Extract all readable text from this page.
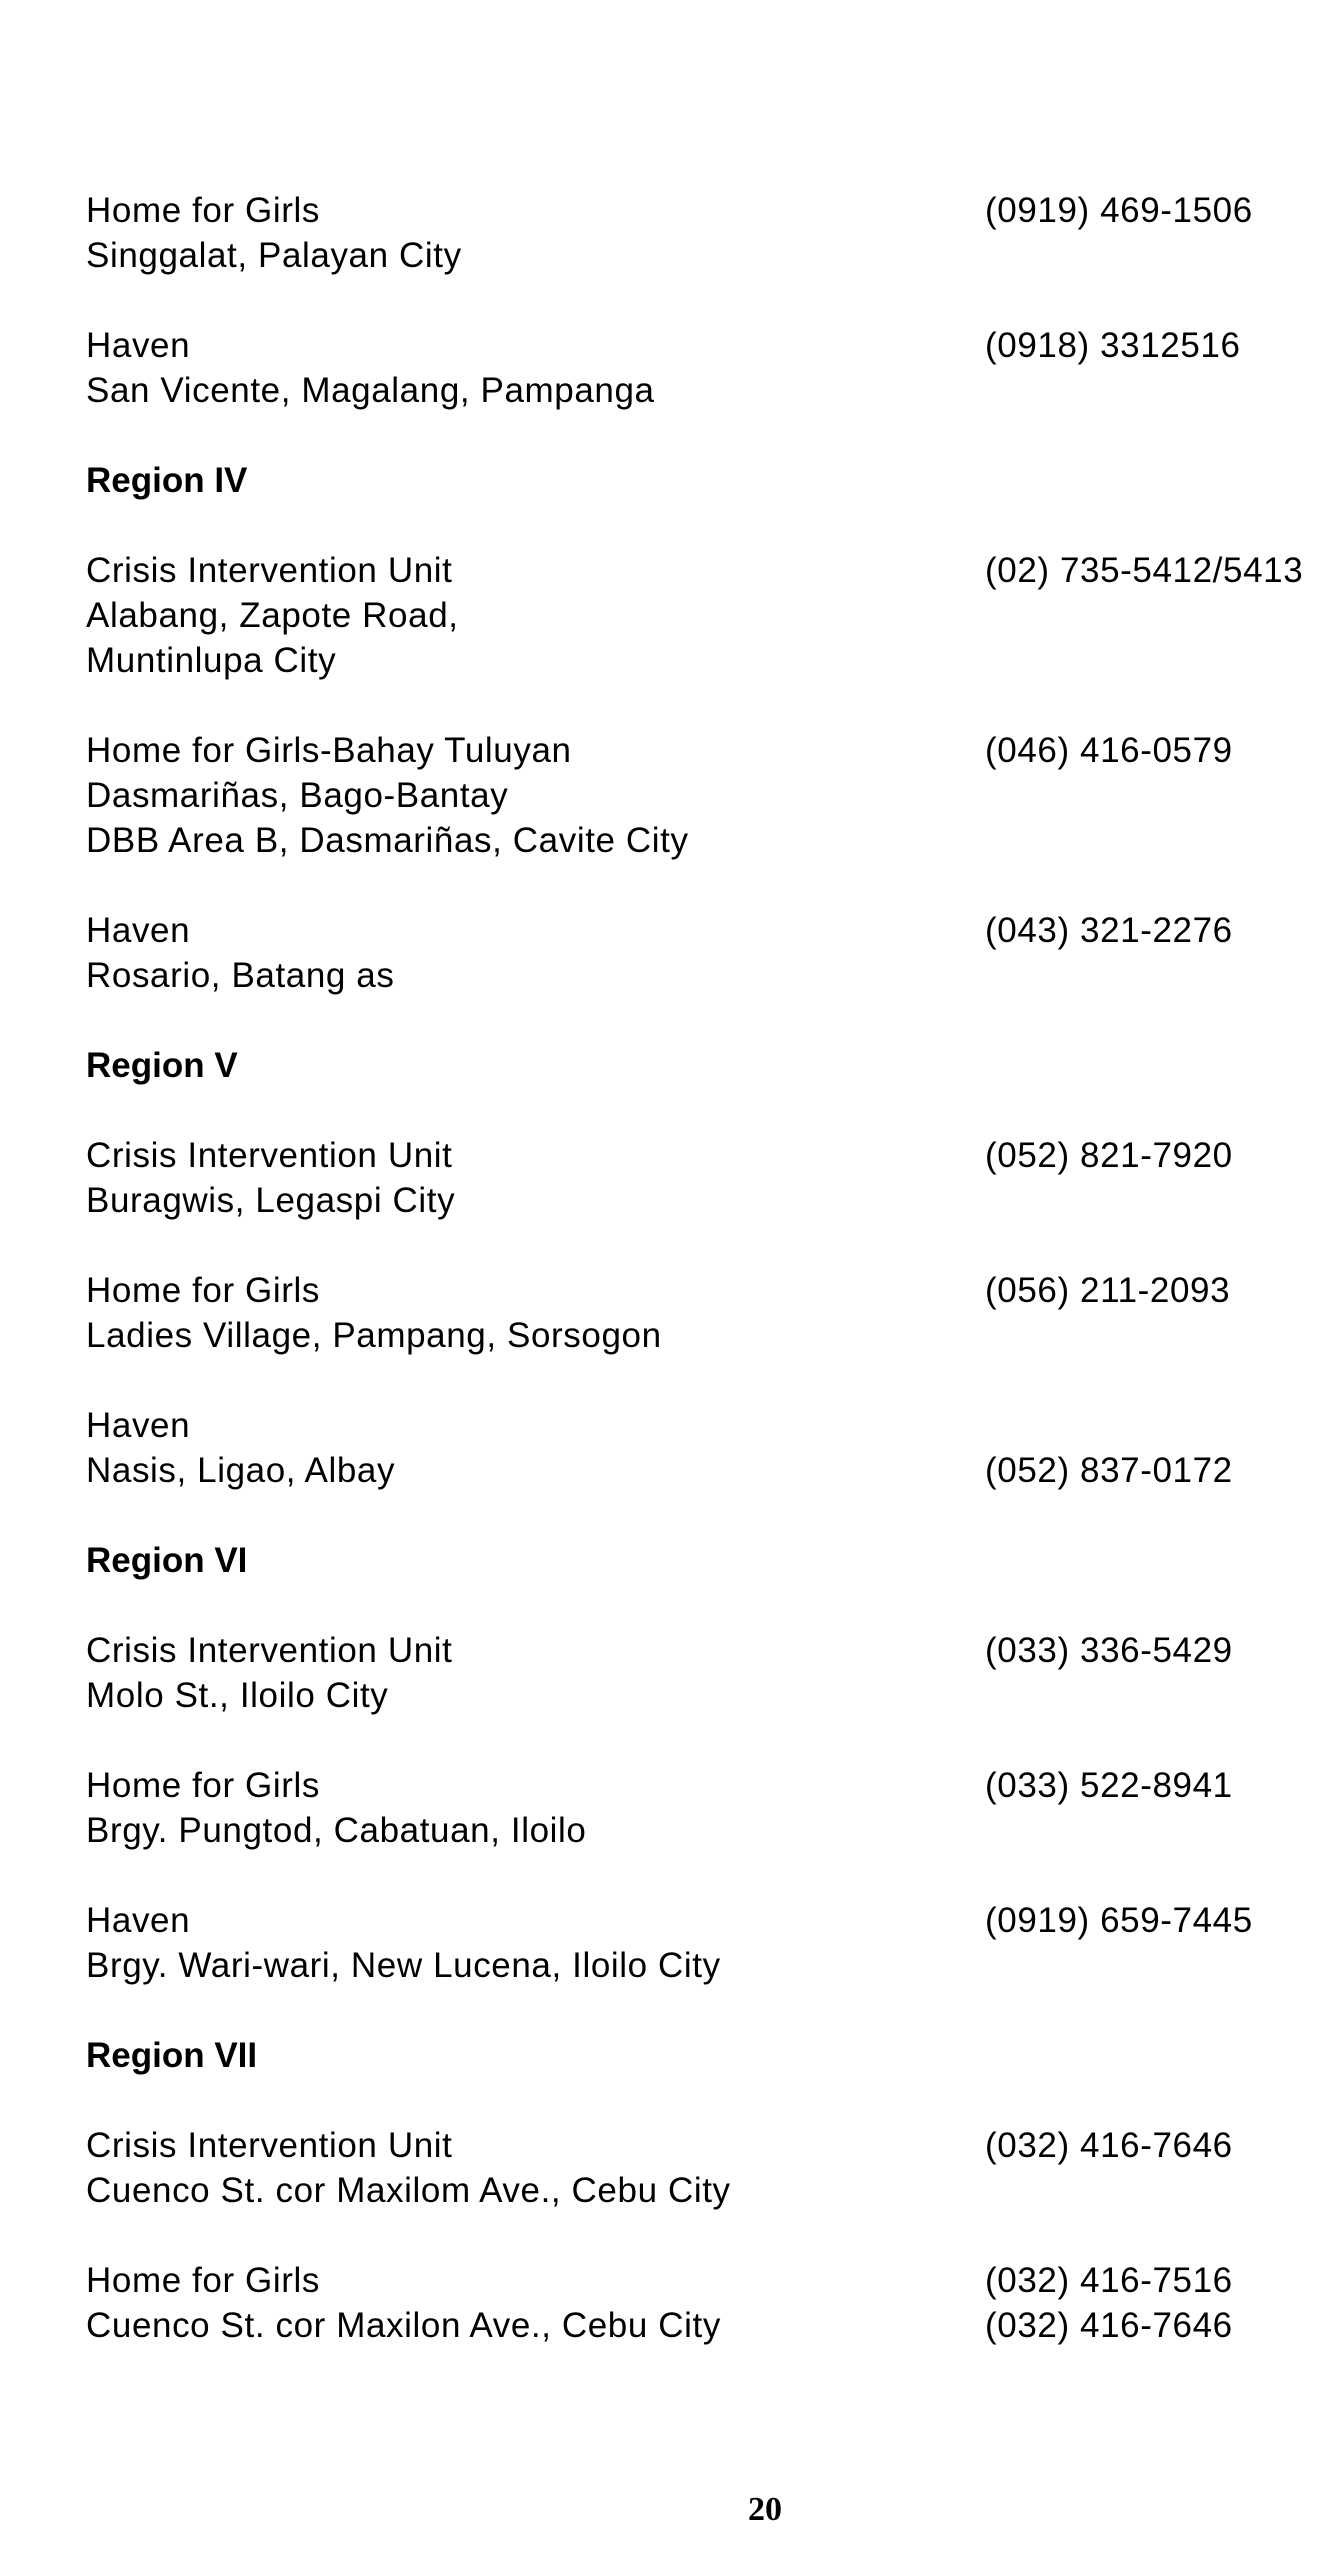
Home for Girls	(0919) 469-1506
Singgalat, Palayan City
Haven	(0918) 3312516
San Vicente, Magalang, Pampanga
Region IV
Crisis Intervention Unit	(02) 735-5412/5413
Alabang, Zapote Road,
Muntinlupa City
Home for Girls-Bahay Tuluyan	(046) 416-0579
Dasmariñas, Bago-Bantay
DBB Area B, Dasmariñas, Cavite City
Haven	(043) 321-2276
Rosario, Batang as
Region V
Crisis Intervention Unit	(052) 821-7920
Buragwis, Legaspi City
Home for Girls	(056) 211-2093
Ladies Village, Pampang, Sorsogon
Haven
Nasis, Ligao, Albay	(052) 837-0172
Region VI
Crisis Intervention Unit	(033) 336-5429
Molo St., Iloilo City
Home for Girls	(033) 522-8941
Brgy. Pungtod, Cabatuan, Iloilo
Haven	(0919) 659-7445
Brgy. Wari-wari, New Lucena, Iloilo City
Region VII
Crisis Intervention Unit	(032) 416-7646
Cuenco St. cor Maxilom Ave., Cebu City
Home for Girls	(032) 416-7516
Cuenco St. cor Maxilon Ave., Cebu City	(032) 416-7646
20
